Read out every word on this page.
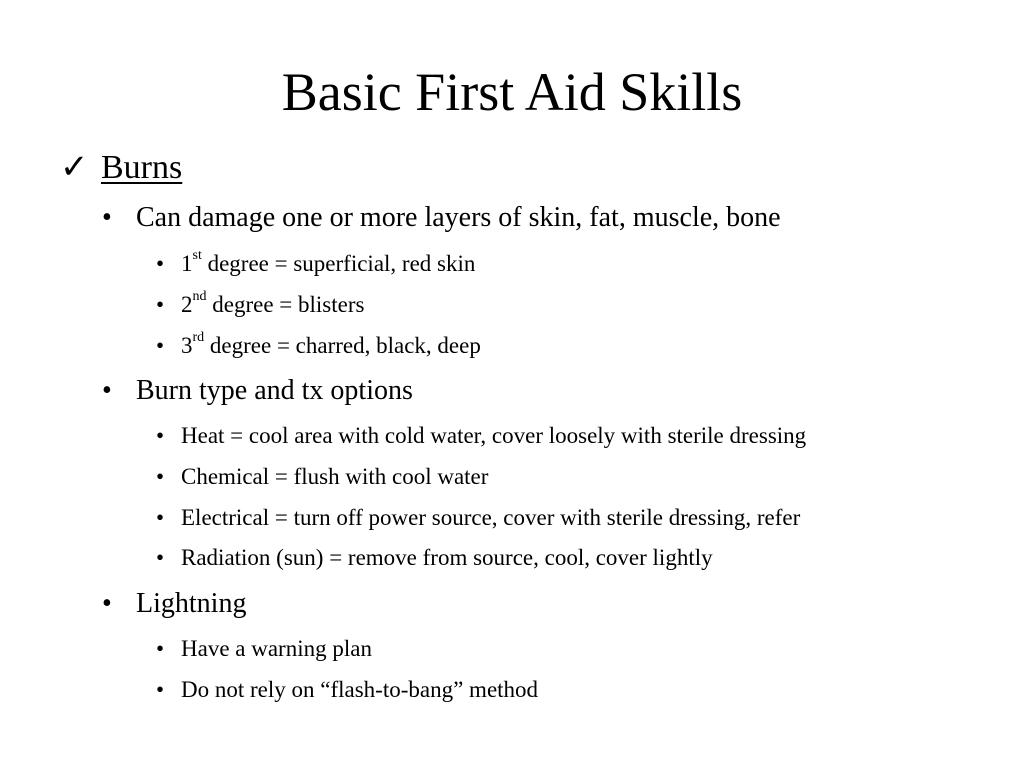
Basic First Aid Skills
✓ Burns
• Can damage one or more layers of skin, fat, muscle, bone
• 1st degree = superficial, red skin
• 2nd degree = blisters
• 3rd degree = charred, black, deep
• Burn type and tx options
• Heat = cool area with cold water, cover loosely with sterile dressing
• Chemical = flush with cool water
• Electrical = turn off power source, cover with sterile dressing, refer
• Radiation (sun) = remove from source, cool, cover lightly
• Lightning
• Have a warning plan
• Do not rely on “flash-to-bang” method
